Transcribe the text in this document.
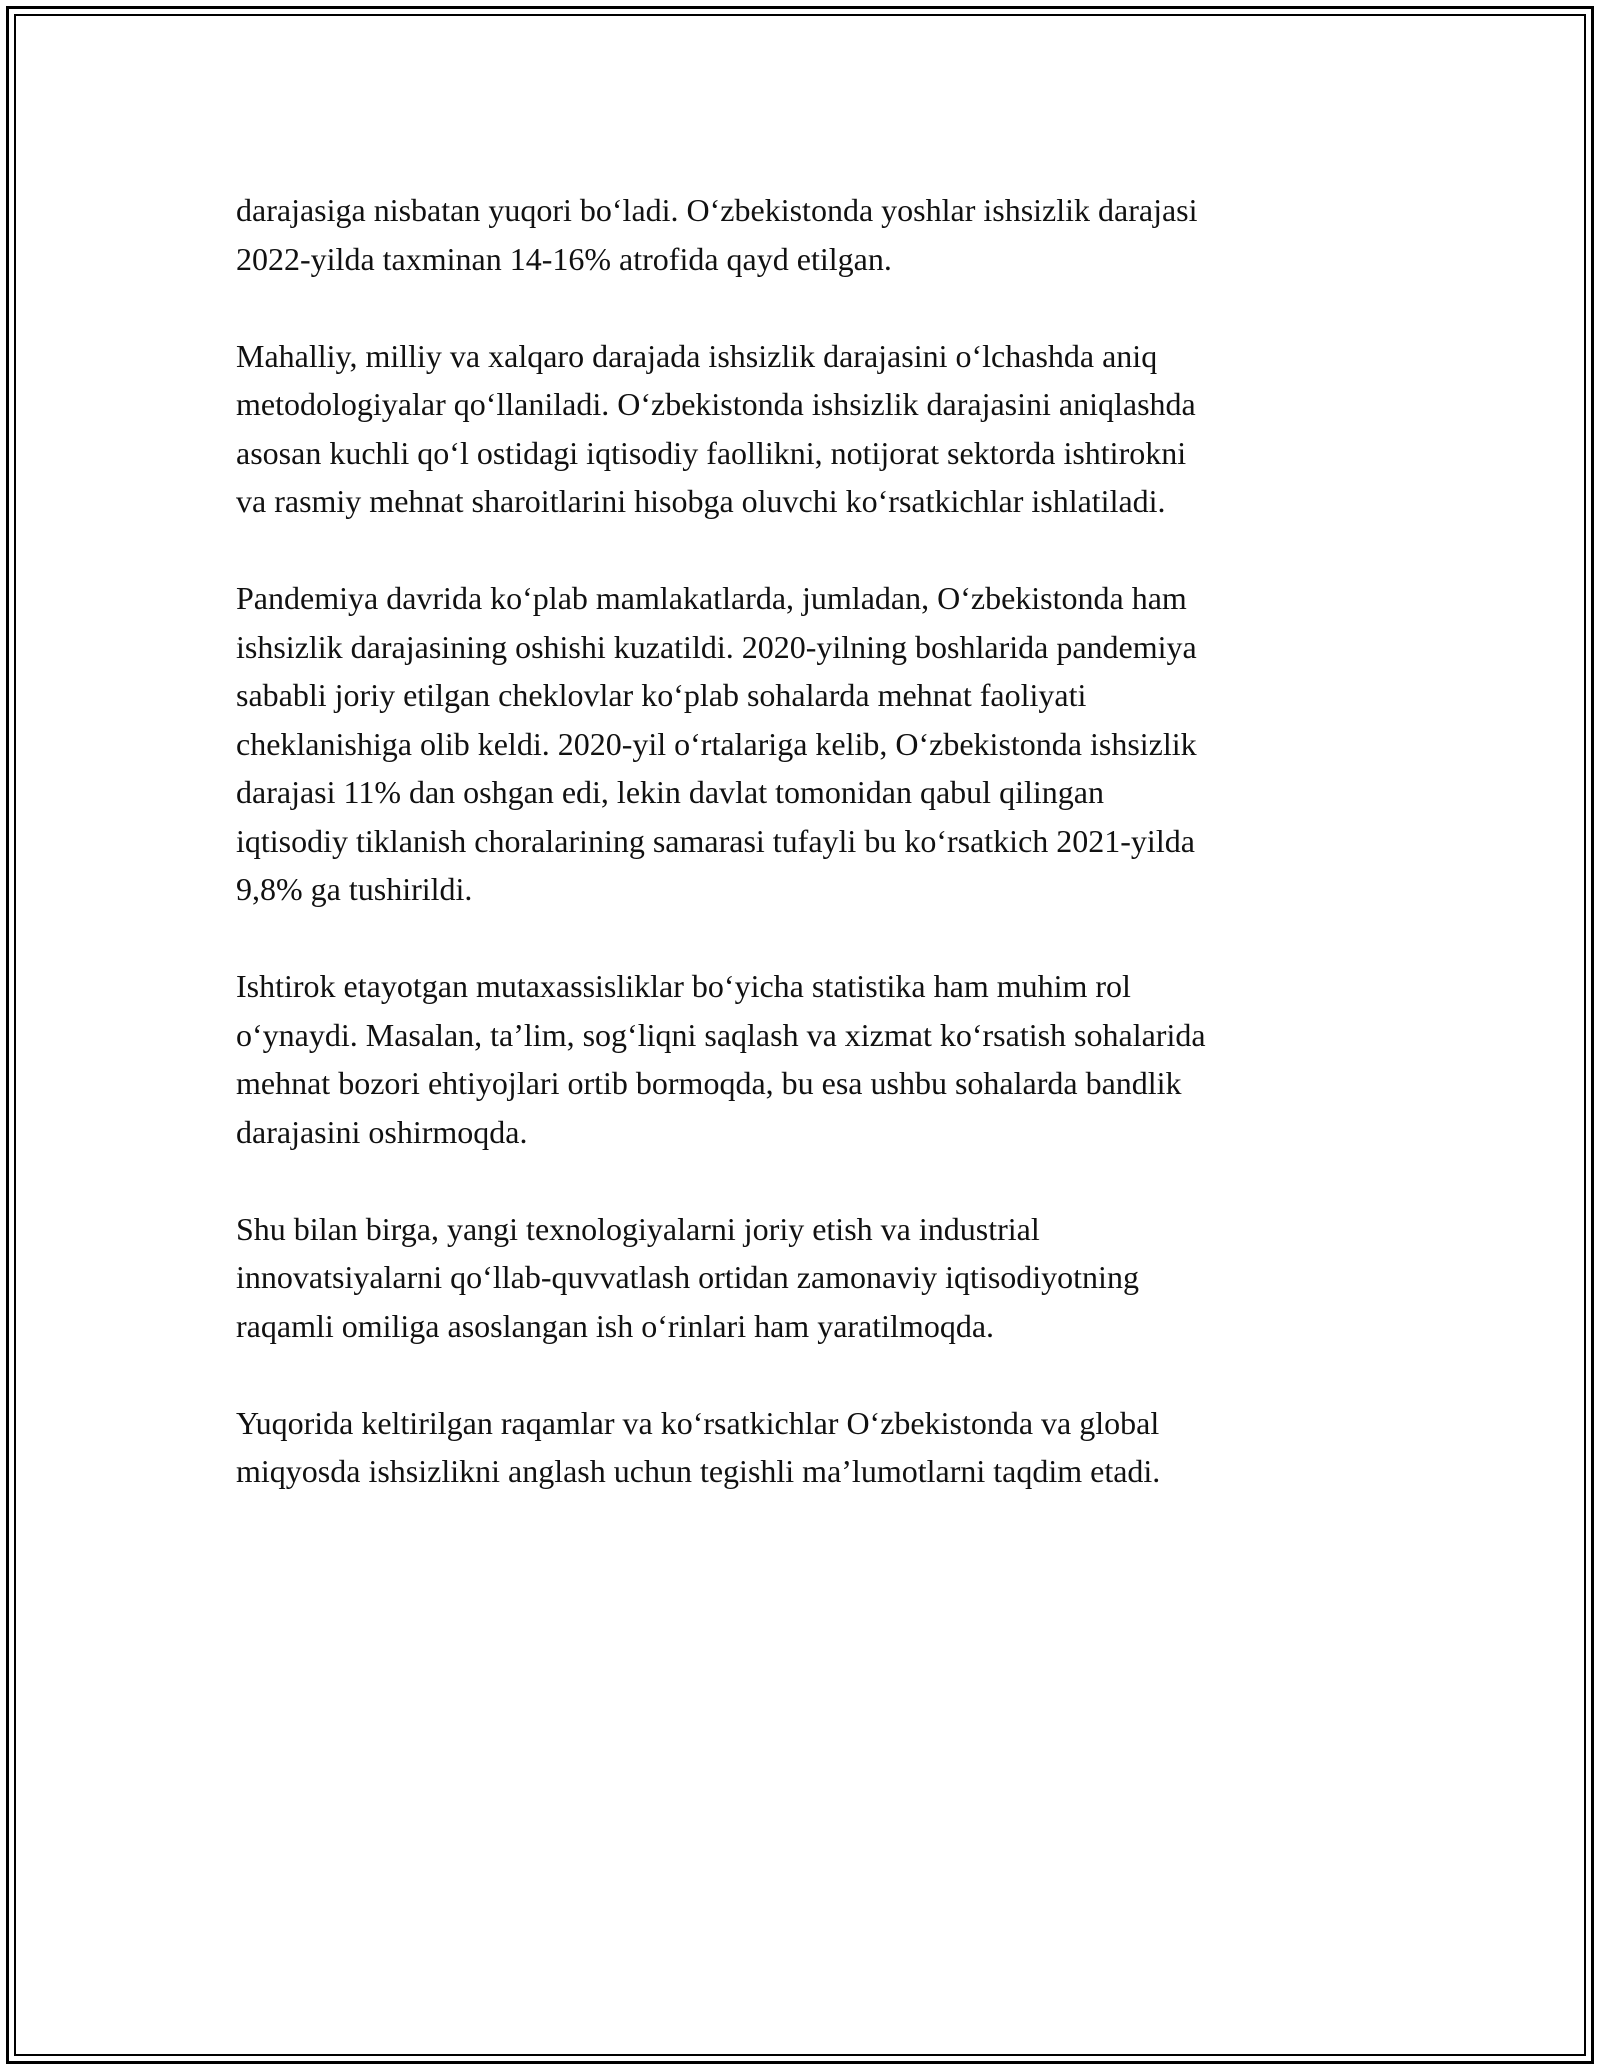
darajasiga nisbatan yuqori bo‘ladi. O‘zbekistonda yoshlar ishsizlik darajasi
2022-yilda taxminan 14-16% atrofida qayd etilgan.

Mahalliy, milliy va xalqaro darajada ishsizlik darajasini o‘lchashda aniq
metodologiyalar qo‘llaniladi. O‘zbekistonda ishsizlik darajasini aniqlashda
asosan kuchli qo‘l ostidagi iqtisodiy faollikni, notijorat sektorda ishtirokni
va rasmiy mehnat sharoitlarini hisobga oluvchi ko‘rsatkichlar ishlatiladi.

Pandemiya davrida ko‘plab mamlakatlarda, jumladan, O‘zbekistonda ham
ishsizlik darajasining oshishi kuzatildi. 2020-yilning boshlarida pandemiya
sababli joriy etilgan cheklovlar ko‘plab sohalarda mehnat faoliyati
cheklanishiga olib keldi. 2020-yil o‘rtalariga kelib, O‘zbekistonda ishsizlik
darajasi 11% dan oshgan edi, lekin davlat tomonidan qabul qilingan
iqtisodiy tiklanish choralarining samarasi tufayli bu ko‘rsatkich 2021-yilda
9,8% ga tushirildi.

Ishtirok etayotgan mutaxassisliklar bo‘yicha statistika ham muhim rol
o‘ynaydi. Masalan, ta’lim, sog‘liqni saqlash va xizmat ko‘rsatish sohalarida
mehnat bozori ehtiyojlari ortib bormoqda, bu esa ushbu sohalarda bandlik
darajasini oshirmoqda.

Shu bilan birga, yangi texnologiyalarni joriy etish va industrial
innovatsiyalarni qo‘llab-quvvatlash ortidan zamonaviy iqtisodiyotning
raqamli omiliga asoslangan ish o‘rinlari ham yaratilmoqda.

Yuqorida keltirilgan raqamlar va ko‘rsatkichlar O‘zbekistonda va global
miqyosda ishsizlikni anglash uchun tegishli ma’lumotlarni taqdim etadi.
